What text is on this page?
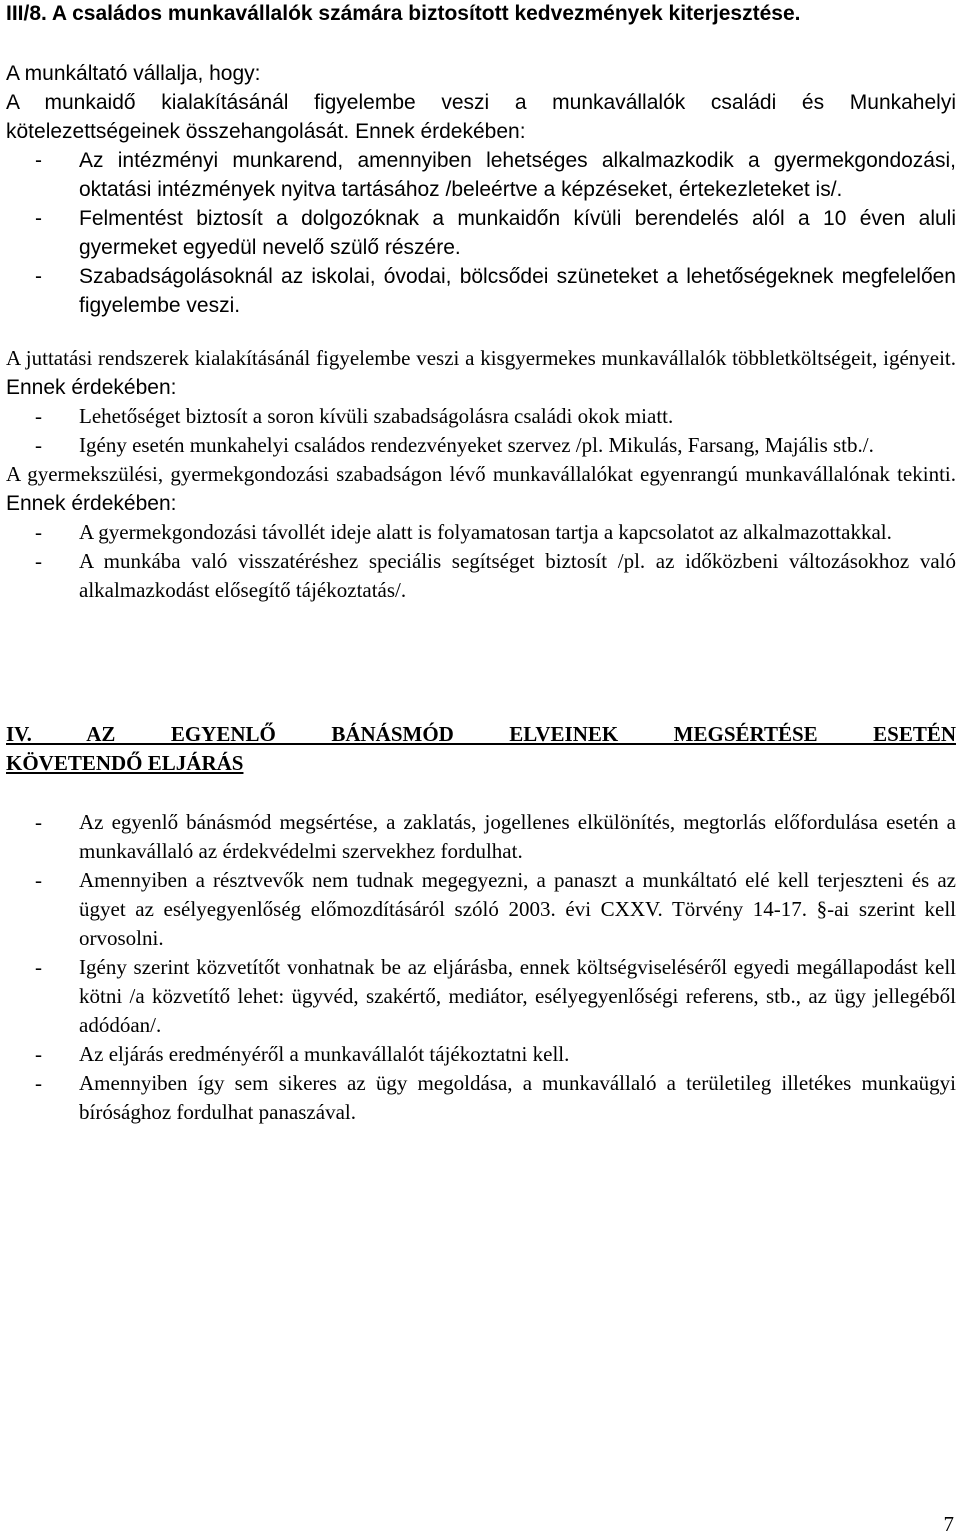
III/8. A családos munkavállalók számára biztosított kedvezmények kiterjesztése.

A munkáltató vállalja, hogy:

A munkaidő kialakításánál figyelembe veszi a munkavállalók családi és Munkahelyi

kötelezettségeinek összehangolását. Ennek érdekében:

- Az intézményi munkarend, amennyiben lehetséges alkalmazkodik a gyermekgondozási, oktatási intézmények nyitva tartásához /beleértve a képzéseket, értekezleteket is/.
- Felmentést biztosít a dolgozóknak a munkaidőn kívüli berendelés alól a 10 éven aluli gyermeket egyedül nevelő szülő részére.
- Szabadságolásoknál az iskolai, óvodai, bölcsődei szüneteket a lehetőségeknek megfelelően figyelembe veszi.

A juttatási rendszerek kialakításánál figyelembe veszi a kisgyermekes munkavállalók többletköltségeit, igényeit. Ennek érdekében:

- Lehetőséget biztosít a soron kívüli szabadságolásra családi okok miatt.
- Igény esetén munkahelyi családos rendezvényeket szervez /pl. Mikulás, Farsang, Majális stb./.

A gyermekszülési, gyermekgondozási szabadságon lévő munkavállalókat egyenrangú munkavállalónak tekinti. Ennek érdekében:

- A gyermekgondozási távollét ideje alatt is folyamatosan tartja a kapcsolatot az alkalmazottakkal.
- A munkába való visszatéréshez speciális segítséget biztosít /pl. az időközbeni változásokhoz való alkalmazkodást elősegítő tájékoztatás/.

IV. AZ EGYENLŐ BÁNÁSMÓD ELVEINEK MEGSÉRTÉSE ESETÉN

KÖVETENDŐ ELJÁRÁS

- Az egyenlő bánásmód megsértése, a zaklatás, jogellenes elkülönítés, megtorlás előfordulása esetén a munkavállaló az érdekvédelmi szervekhez fordulhat.
- Amennyiben a résztvevők nem tudnak megegyezni, a panaszt a munkáltató elé kell terjeszteni és az ügyet az esélyegyenlőség előmozdításáról szóló 2003. évi CXXV. Törvény 14-17. §-ai szerint kell orvosolni.
- Igény szerint közvetítőt vonhatnak be az eljárásba, ennek költségviseléséről egyedi megállapodást kell kötni /a közvetítő lehet: ügyvéd, szakértő, mediátor, esélyegyenlőségi referens, stb., az ügy jellegéből adódóan/.
- Az eljárás eredményéről a munkavállalót tájékoztatni kell.
- Amennyiben így sem sikeres az ügy megoldása, a munkavállaló a területileg illetékes munkaügyi bírósághoz fordulhat panaszával.
7
